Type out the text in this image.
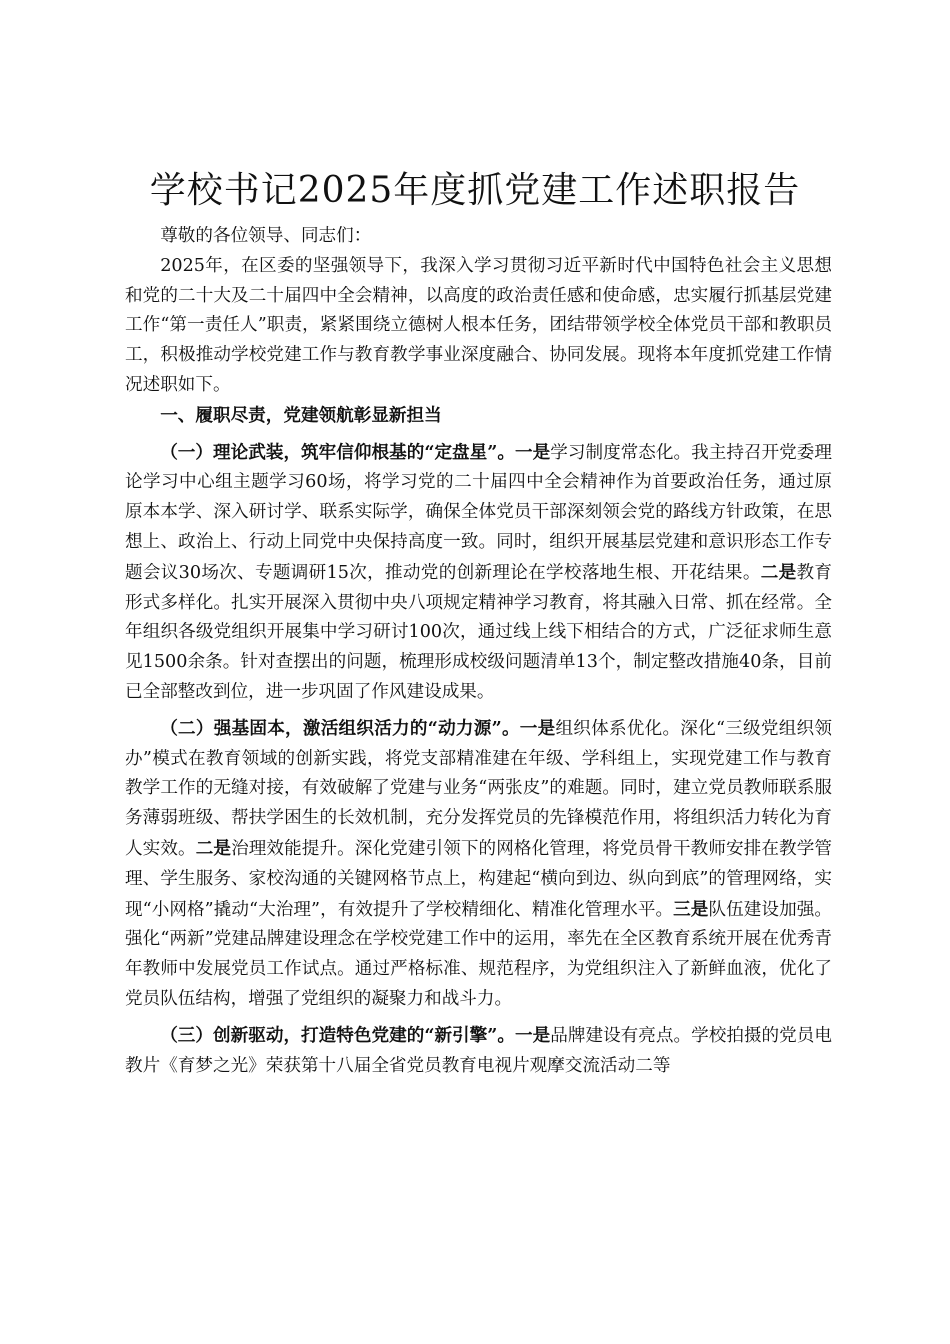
学校书记2025年度抓党建工作述职报告

尊敬的各位领导、同志们：

2025年，在区委的坚强领导下，我深入学习贯彻习近平新时代中国特色社会主义思想和党的二十大及二十届四中全会精神，以高度的政治责任感和使命感，忠实履行抓基层党建工作“第一责任人”职责，紧紧围绕立德树人根本任务，团结带领学校全体党员干部和教职员工，积极推动学校党建工作与教育教学事业深度融合、协同发展。现将本年度抓党建工作情况述职如下。

一、履职尽责，党建领航彰显新担当

（一）理论武装，筑牢信仰根基的“定盘星”。一是学习制度常态化。我主持召开党委理论学习中心组主题学习60场，将学习党的二十届四中全会精神作为首要政治任务，通过原原本本学、深入研讨学、联系实际学，确保全体党员干部深刻领会党的路线方针政策，在思想上、政治上、行动上同党中央保持高度一致。同时，组织开展基层党建和意识形态工作专题会议30场次、专题调研15次，推动党的创新理论在学校落地生根、开花结果。二是教育形式多样化。扎实开展深入贯彻中央八项规定精神学习教育，将其融入日常、抓在经常。全年组织各级党组织开展集中学习研讨100次，通过线上线下相结合的方式，广泛征求师生意见1500余条。针对查摆出的问题，梳理形成校级问题清单13个，制定整改措施40条，目前已全部整改到位，进一步巩固了作风建设成果。

（二）强基固本，激活组织活力的“动力源”。一是组织体系优化。深化“三级党组织领办”模式在教育领域的创新实践，将党支部精准建在年级、学科组上，实现党建工作与教育教学工作的无缝对接，有效破解了党建与业务“两张皮”的难题。同时，建立党员教师联系服务薄弱班级、帮扶学困生的长效机制，充分发挥党员的先锋模范作用，将组织活力转化为育人实效。二是治理效能提升。深化党建引领下的网格化管理，将党员骨干教师安排在教学管理、学生服务、家校沟通的关键网格节点上，构建起“横向到边、纵向到底”的管理网络，实现“小网格”撬动“大治理”，有效提升了学校精细化、精准化管理水平。三是队伍建设加强。强化“两新”党建品牌建设理念在学校党建工作中的运用，率先在全区教育系统开展在优秀青年教师中发展党员工作试点。通过严格标准、规范程序，为党组织注入了新鲜血液，优化了党员队伍结构，增强了党组织的凝聚力和战斗力。

（三）创新驱动，打造特色党建的“新引擎”。一是品牌建设有亮点。学校拍摄的党员电教片《育梦之光》荣获第十八届全省党员教育电视片观摩交流活动二等
